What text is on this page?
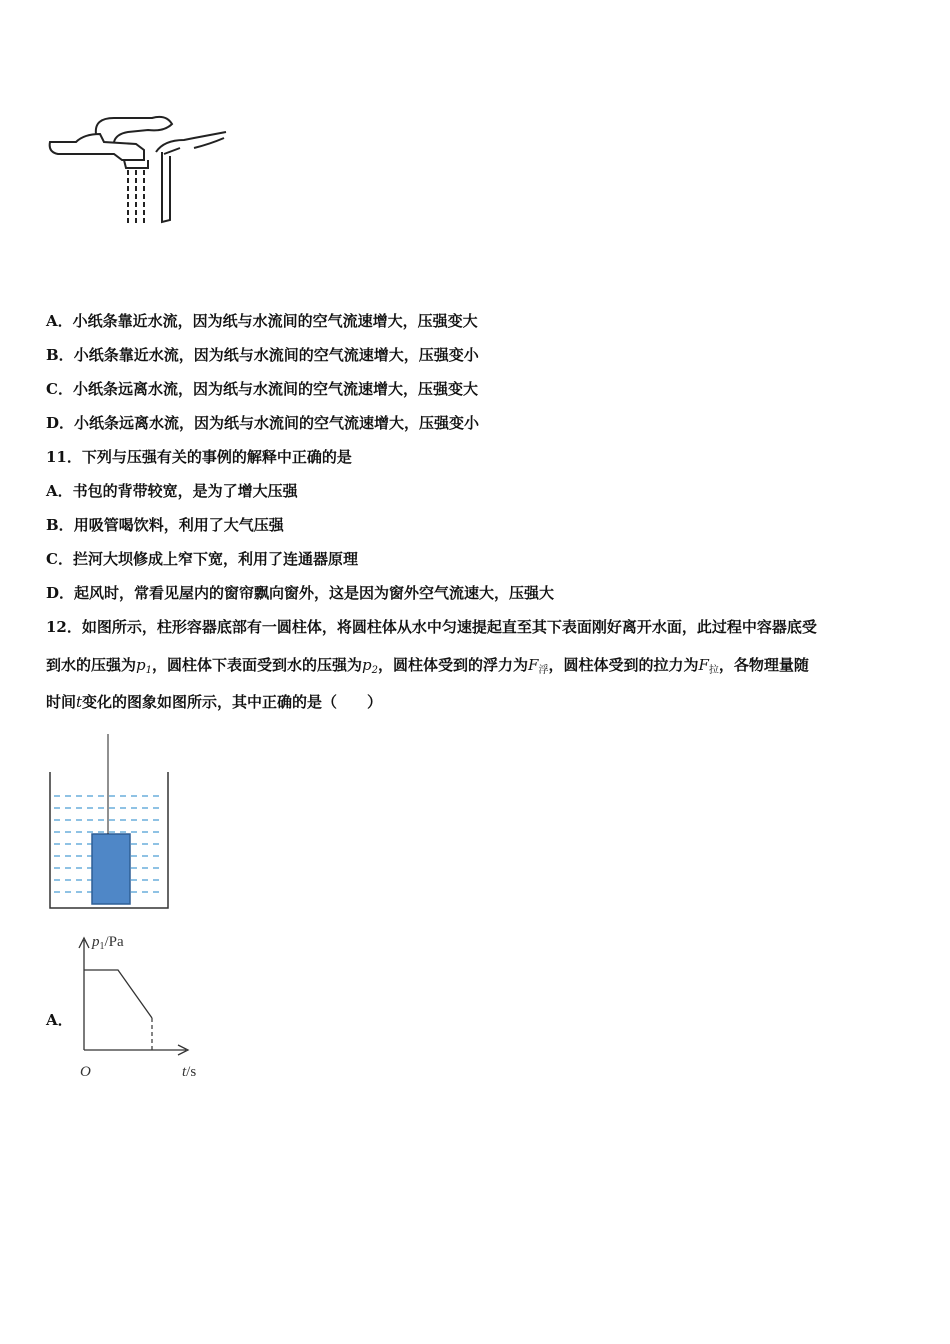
A．小纸条靠近水流，因为纸与水流间的空气流速增大，压强变大
B．小纸条靠近水流，因为纸与水流间的空气流速增大，压强变小
C．小纸条远离水流，因为纸与水流间的空气流速增大，压强变大
D．小纸条远离水流，因为纸与水流间的空气流速增大，压强变小
11．下列与压强有关的事例的解释中正确的是
A．书包的背带较宽，是为了增大压强
B．用吸管喝饮料，利用了大气压强
C．拦河大坝修成上窄下宽，利用了连通器原理
D．起风时，常看见屋内的窗帘飘向窗外，这是因为窗外空气流速大，压强大
12．如图所示，柱形容器底部有一圆柱体，将圆柱体从水中匀速提起直至其下表面刚好离开水面，此过程中容器底受
到水的压强为$p_1$，圆柱体下表面受到水的压强为$p_2$，圆柱体受到的浮力为$F_浮$，圆柱体受到的拉力为$F_拉$，各物理量随
时间t变化的图象如图所示，其中正确的是（　　）
A．
$p_1/Pa$
O	t/s
